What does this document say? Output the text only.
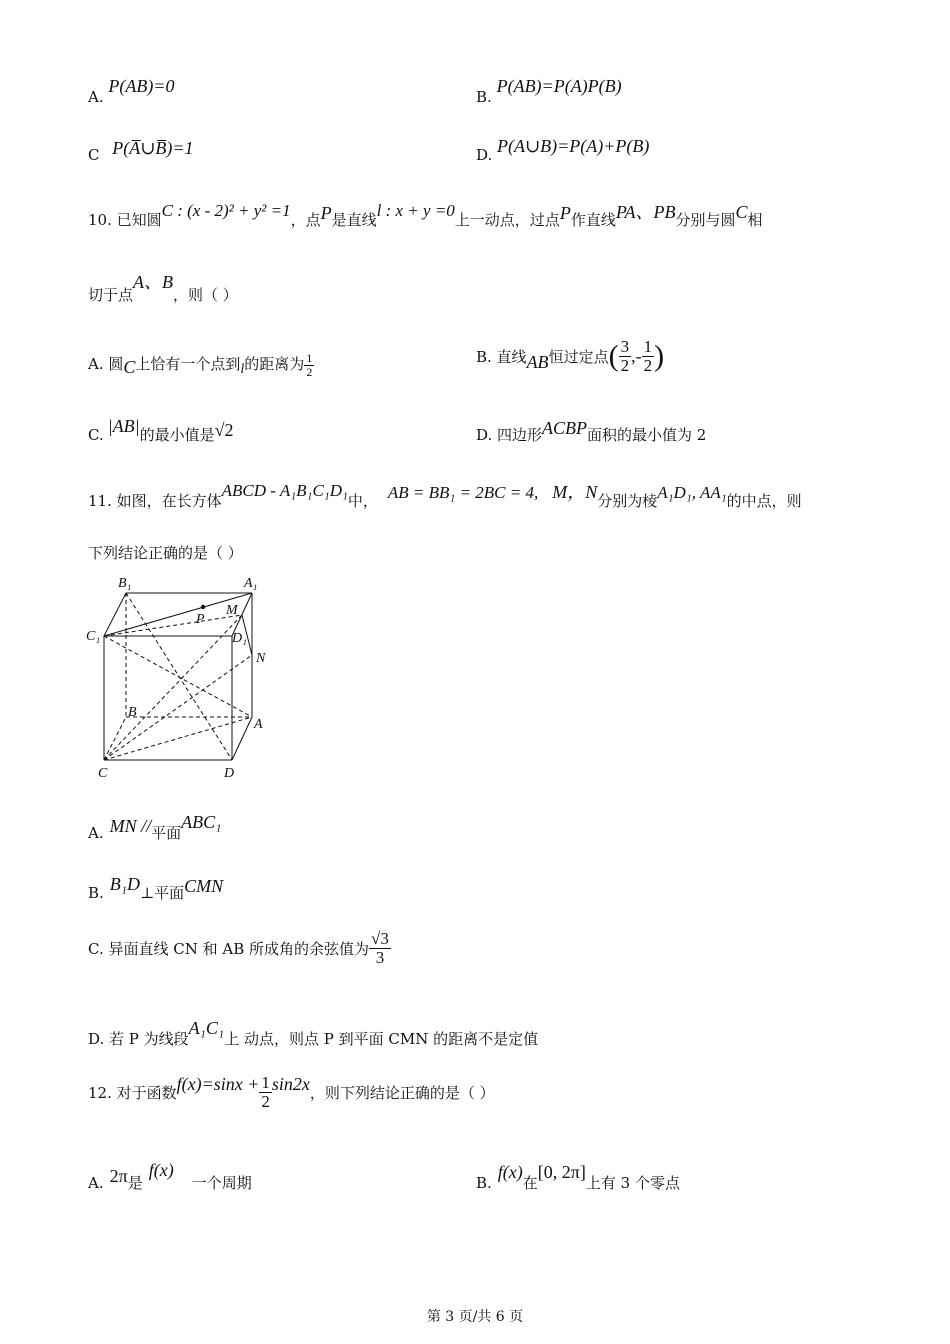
A. P(AB)=0
B. P(AB)=P(A)P(B)
C P(A̅∪B̅)=1	D. P(A∪B)=P(A)+P(B)
10. 已知圆C : (x - 2)² + y² =1，点P是直线l : x + y =0上一动点，过点P作直线PA、PB分别与圆C相
切于点A、B，则（ ）
A. 圆C上恰有一个点到l的距离为 $\frac{1}{2}$	B. 直线AB恒过定点( $\frac{3}{2}$ ,- $\frac{1}{2}$ )
C. |AB|的最小值是√2	D. 四边形ACBP面积的最小值为 2
11. 如图，在长方体ABCD - A₁B₁C₁D₁中， AB = BB₁ = 2BC = 4, M，N分别为棱A₁D₁, AA₁的中点，则
下列结论正确的是（ ）
B₁	A₁
C₁	D₁
P
M
N
B
A
C	D
A. MN //平面ABC₁
B. B₁D⊥平面CMN
C. 异面直线 CN 和 AB 所成角的余弦值为 $\frac{√3}{3}$
D. 若 P 为线段A₁C₁上 动点，则点 P 到平面 CMN 的距离不是定值
12. 对于函数$f(x)=\sin x + \frac{1}{2} \sin 2x$，则下列结论正确的是（ ）
A. 2π是f(x)一个周期	B.f(x)在[0, 2π]上有 3 个零点
第 3 页/共 6 页
